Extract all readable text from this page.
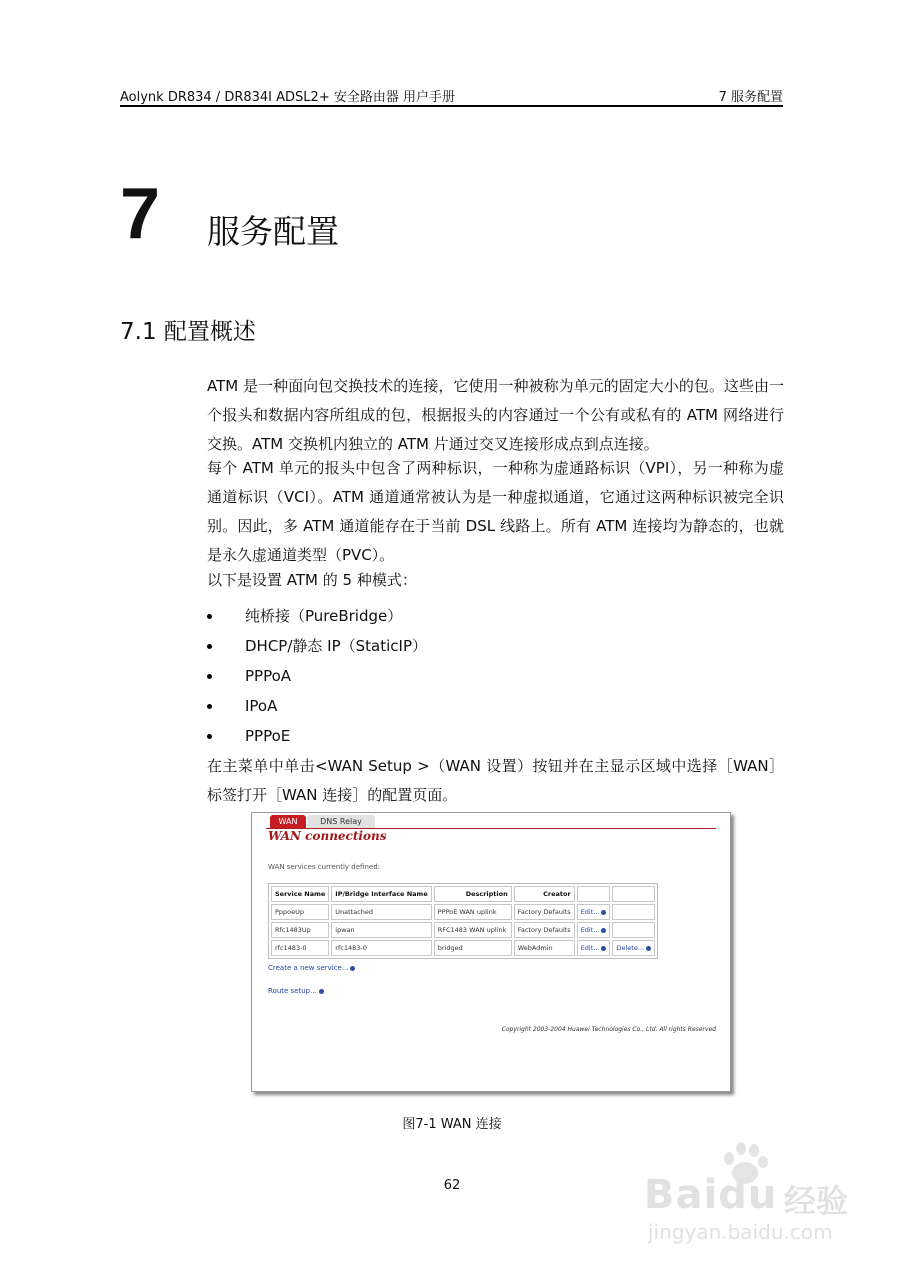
Aolynk DR834 / DR834I ADSL2+ 安全路由器 用户手册	7 服务配置
7 服务配置
7.1 配置概述
ATM 是一种面向包交换技术的连接，它使用一种被称为单元的固定大小的包。这些由一个报头和数据内容所组成的包，根据报头的内容通过一个公有或私有的 ATM 网络进行交换。ATM 交换机内独立的 ATM 片通过交叉连接形成点到点连接。
每个 ATM 单元的报头中包含了两种标识，一种称为虚通路标识（VPI），另一种称为虚通道标识（VCI）。ATM 通道通常被认为是一种虚拟通道，它通过这两种标识被完全识别。因此，多 ATM 通道能存在于当前 DSL 线路上。所有 ATM 连接均为静态的，也就是永久虚通道类型（PVC）。
以下是设置 ATM 的 5 种模式：
纯桥接（PureBridge）
DHCP/静态 IP（StaticIP）
PPPoA
IPoA
PPPoE
在主菜单中单击<WAN Setup >（WAN 设置）按钮并在主显示区域中选择［WAN］标签打开［WAN 连接］的配置页面。
WAN	DNS Relay
WAN connections
WAN services currently defined:
Service Name	IP/Bridge Interface Name	Description	Creator		
PppoeUp	Unattached	PPPoE WAN uplink	Factory Defaults	Edit...	
Rfc1483Up	ipwan	RFC1483 WAN uplink	Factory Defaults	Edit...	
rfc1483-0	rfc1483-0	bridged	WebAdmin	Edit...	Delete...
Create a new service...
Route setup...
Copyright 2003-2004 Huawei Technologies Co., Ltd. All rights Reserved
图7-1 WAN 连接
62	Baidu 经验
jingyan.baidu.com
